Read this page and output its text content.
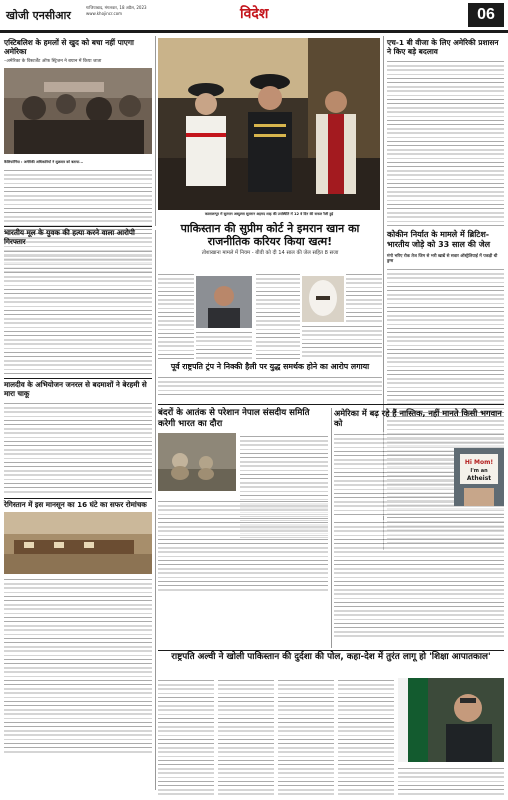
खोजी एनसीआर
गाजियाबाद, मंगलवार, 18 अप्रैल, 2023
www.khojincr.com	विदेश	06
एस्टिबलिश के हमलों से खुद को बचा नहीं पाएगा अमेरिका
–अमेरिका के विस्टर्जेंट ऑफ स्ट्रिजन ने बयान में किया जाता
कैलिफोर्निया : अमेरिकी अधिकारियों ने शुक्रवार को बताया...
कालालम्पुर में सुल्तान अब्दुल्ला सुल्तान अहमद शाह की उपस्थिति में 12 वे दिन की सफल रैली हुई
एच-1 बी वीजा के लिए अमेरिकी प्रशासन ने किए बड़े बदलाव
पाकिस्तान की सुप्रीम कोर्ट ने इमरान खान का राजनीतिक करियर किया खत्म!
तोशाखाना मामले में नियम - बीवी को दी 14 साल की जेल सहित 8 सजा
कोकीन निर्यात के मामले में ब्रिटिश-भारतीय जोड़े को 33 साल की जेल
मंगो भरिए रोक तेज जिम से भरी खाद्यें से सवार ऑस्ट्रेलियाई में पकड़ी थी ड्रग्स
भारतीय मूल के युवक की हत्या करने वाला आरोपी गिरफ्तार
मालदीव के अभियोजन जनरल से बदमाशों ने बेरहमी से मारा चाकू
रेगिस्तान में इस मानसून का 16 घंटे का सफर रोमांचक
पूर्व राष्ट्रपति ट्रंप ने निक्की हैली पर युद्ध समर्थक होने का आरोप लगाया
बंदरों के आतंक से परेशान नेपाल संसदीय समिति करेगी भारत का दौरा
अमेरिका में बढ़ रहे हैं नास्तिक, नहीं मानते किसी भगवान को
Hi Mom!
I'm an
Atheist
राष्ट्रपति अल्वी ने खोली पाकिस्तान की दुर्दशा की पोल, कहा-देश में तुरंत लागू हो 'शिक्षा आपातकाल'
